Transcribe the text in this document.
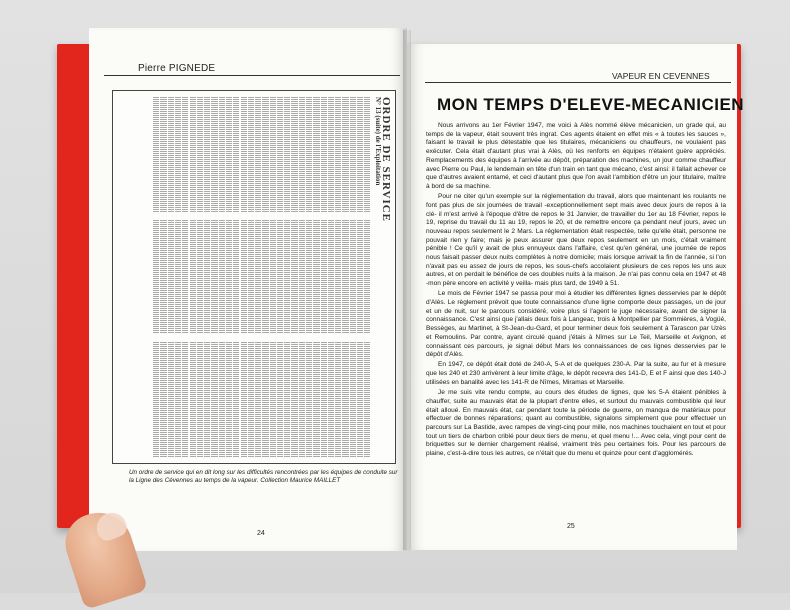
Pierre PIGNEDE
ORDRE DE SERVICE
N° 13 (suite) de l'Exploitation
Un ordre de service qui en dit long sur les difficultés rencontrées par les équipes de conduite sur la Ligne des Cévennes au temps de la vapeur. Collection Maurice MAILLET
24
VAPEUR EN CEVENNES
MON TEMPS D'ELEVE-MECANICIEN

Nous arrivons au 1er Février 1947, me voici à Alès nommé élève mécanicien, un grade qui, au temps de la vapeur, était souvent très ingrat. Ces agents étaient en effet mis « à toutes les sauces », faisant le travail le plus détestable que les titulaires, mécaniciens ou chauffeurs, ne voulaient pas exécuter. Cela était d'autant plus vrai à Alès, où les renforts en équipes n'étaient guère appréciés. Remplacements des équipes à l'arrivée au dépôt, préparation des machines, un jour comme chauffeur avec Pierre ou Paul, le lendemain en tête d'un train en tant que mécano, c'est ainsi: il fallait achever ce que d'autres avaient entamé, et ceci d'autant plus que l'on avait l'ambition d'être un jour titulaire, maître à bord de sa machine.

Pour ne citer qu'un exemple sur la réglementation du travail, alors que maintenant les roulants ne font pas plus de six journées de travail -exceptionnellement sept mais avec deux jours de repos à la clé- il m'est arrivé à l'époque d'être de repos le 31 Janvier, de travailler du 1er au 18 Février, repos le 19, reprise du travail du 11 au 19, repos le 20, et de remettre encore ça pendant neuf jours, avec un nouveau repos seulement le 2 Mars. La réglementation était respectée, telle qu'elle était, personne ne pouvait rien y faire; mais je peux assurer que deux repos seulement en un mois, c'était vraiment pénible ! Ce qu'il y avait de plus ennuyeux dans l'affaire, c'est qu'en général, une journée de repos nous faisait passer deux nuits complètes à notre domicile; mais lorsque arrivait la fin de l'année, si l'on n'avait pas eu assez de jours de repos, les sous-chefs accolaient plusieurs de ces repos les uns aux autres, et on perdait le bénéfice de ces doubles nuits à la maison. Je n'ai pas connu cela en 1947 et 48 -mon père encore en activité y veilla- mais plus tard, de 1949 à 51.

Le mois de Février 1947 se passa pour moi à étudier les différentes lignes desservies par le dépôt d'Alès. Le règlement prévoit que toute connaissance d'une ligne comporte deux passages, un de jour et un de nuit, sur le parcours considéré, voire plus si l'agent le juge nécessaire, avant de signer la connaissance. C'est ainsi que j'allais deux fois à Langeac, trois à Montpellier par Sommières, à Vogüé, Bessèges, au Martinet, à St-Jean-du-Gard, et pour terminer deux fois seulement à Tarascon par Uzès et Remoulins. Par contre, ayant circulé quand j'étais à Nîmes sur Le Teil, Marseille et Avignon, et connaissant ces parcours, je signai début Mars les connaissances de ces lignes desservies par le dépôt d'Alès.

En 1947, ce dépôt était doté de 240-A, 5-A et de quelques 230-A. Par la suite, au fur et à mesure que les 240 et 230 arrivèrent à leur limite d'âge, le dépôt recevra des 141-D, E et F ainsi que des 140-J utilisées en banalité avec les 141-R de Nîmes, Miramas et Marseille.

Je me suis vite rendu compte, au cours des études de lignes, que les 5-A étaient pénibles à chauffer, suite au mauvais état de la plupart d'entre elles, et surtout du mauvais combustible qui leur était alloué. En mauvais état, car pendant toute la période de guerre, on manqua de matériaux pour effectuer de bonnes réparations; quant au combustible, signalons simplement que pour effectuer un parcours sur La Bastide, avec rampes de vingt-cinq pour mille, nos machines touchaient en tout et pour tout un tiers de charbon criblé pour deux tiers de menu, et quel menu !... Avec cela, vingt pour cent de briquettes sur le dernier chargement réalisé, vraiment très peu certaines fois. Pour les parcours de plaine, c'est-à-dire tous les autres, ce n'était que du menu et quinze pour cent d'agglomérés.

25
